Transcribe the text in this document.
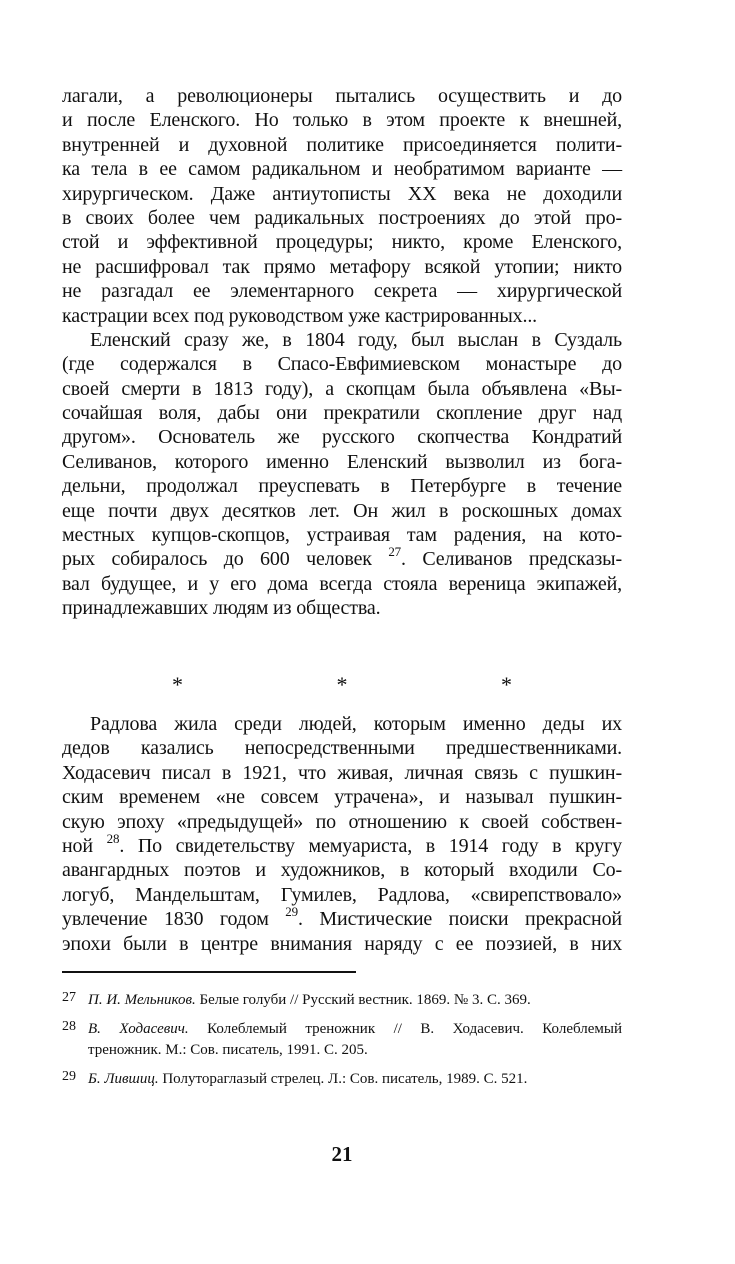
лагали, а революционеры пытались осуществить и до
и после Еленского. Но только в этом проекте к внешней,
внутренней и духовной политике присоединяется полити-
ка тела в ее самом радикальном и необратимом варианте —
хирургическом. Даже антиутописты XX века не доходили
в своих более чем радикальных построениях до этой про-
стой и эффективной процедуры; никто, кроме Еленского,
не расшифровал так прямо метафору всякой утопии; никто
не разгадал ее элементарного секрета — хирургической
кастрации всех под руководством уже кастрированных...
Еленский сразу же, в 1804 году, был выслан в Суздаль
(где содержался в Спасо-Евфимиевском монастыре до
своей смерти в 1813 году), а скопцам была объявлена «Вы-
сочайшая воля, дабы они прекратили скопление друг над
другом». Основатель же русского скопчества Кондратий
Селиванов, которого именно Еленский вызволил из бога-
дельни, продолжал преуспевать в Петербурге в течение
еще почти двух десятков лет. Он жил в роскошных домах
местных купцов-скопцов, устраивая там радения, на кото-
рых собиралось до 600 человек $^{27}$. Селиванов предсказы-
вал будущее, и у его дома всегда стояла вереница экипажей,
принадлежавших людям из общества.
* * *
Радлова жила среди людей, которым именно деды их
дедов казались непосредственными предшественниками.
Ходасевич писал в 1921, что живая, личная связь с пушкин-
ским временем «не совсем утрачена», и называл пушкин-
скую эпоху «предыдущей» по отношению к своей собствен-
ной $^{28}$. По свидетельству мемуариста, в 1914 году в кругу
авангардных поэтов и художников, в который входили Со-
логуб, Мандельштам, Гумилев, Радлова, «свирепствовало»
увлечение 1830 годом $^{29}$. Мистические поиски прекрасной
эпохи были в центре внимания наряду с ее поэзией, в них
27 П. И. Мельников. Белые голуби // Русский вестник. 1869. № 3. С. 369.
28 В. Ходасевич. Колеблемый треножник // В. Ходасевич. Колеблемый
треножник. М.: Сов. писатель, 1991. С. 205.
29 Б. Лившиц. Полутораглазый стрелец. Л.: Сов. писатель, 1989. С. 521.
21
